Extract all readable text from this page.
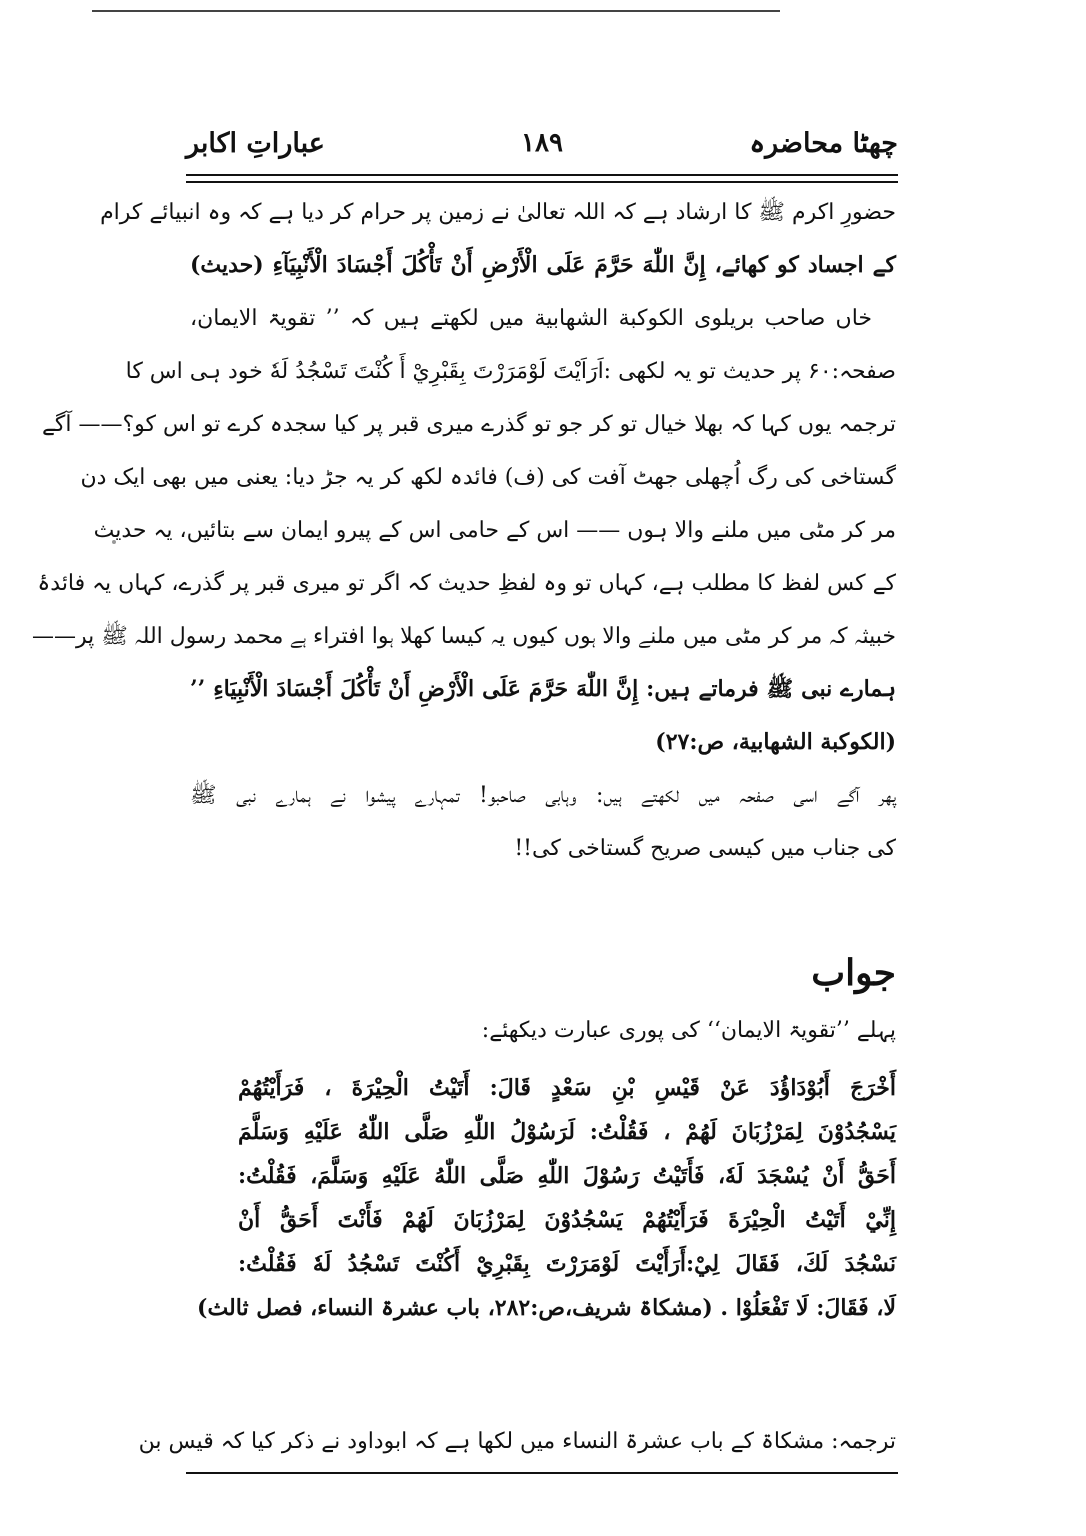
چھٹا محاضرہ
۱۸۹
عباراتِ اکابر
حضورِ اکرم ﷺ کا ارشاد ہے کہ اللہ تعالیٰ نے زمین پر حرام کر دیا ہے کہ وہ انبیائے کرام
کے اجساد کو کھائے، إِنَّ اللّٰهَ حَرَّمَ عَلَى الْأَرْضِ أَنْ تَأْكُلَ أَجْسَادَ الْأَنْبِيَآءِ (حدیث)
خاں صاحب بریلوی الكوكبة الشهابية میں لکھتے ہیں کہ ’’ تقویۃ الایمان،
صفحہ:۶۰ پر حدیث تو یہ لکھی :اَرَاَيْتَ لَوْمَرَرْتَ بِقَبْرِيْ أَ كُنْتَ تَسْجُدُ لَهٗ خود ہی اس کا
ترجمہ یوں کہا کہ بھلا خیال تو کر جو تو گذرے میری قبر پر کیا سجدہ کرے تو اس کو؟—— آگے
گستاخی کی رگ اُچھلی جھٹ آفت کی (ف) فائدہ لکھ کر یہ جڑ دیا: یعنی میں بھی ایک دن
مر کر مٹی میں ملنے والا ہوں —— اس کے حامی اس کے پیرو ایمان سے بتائیں، یہ حدیث
کے کس لفظ کا مطلب ہے، کہاں تو وہ لفظِ حدیث کہ اگر تو میری قبر پر گذرے، کہاں یہ فائدۂ
خبیثہ کہ مر کر مٹی میں ملنے والا ہوں کیوں یہ کیسا کھلا ہوا افتراء ہے محمد رسول اللہ ﷺ پر——
ہمارے نبی ﷺ فرماتے ہیں: إِنَّ اللّٰهَ حَرَّمَ عَلَى الْأَرْضِ أَنْ تَأْكُلَ أَجْسَادَ الْأَنْبِيَاءِ ’’
(الكوكبة الشهابية، ص:۲۷)
پھر آگے اسی صفحہ میں لکھتے ہیں: وہابی صاحبو! تمہارے پیشوا نے ہمارے نبی ﷺ
کی جناب میں کیسی صریح گستاخی کی!!
جواب
پہلے ’’تقویۃ الایمان‘‘ کی پوری عبارت دیکھئے:
أَخْرَجَ أَبُوْدَاؤُدَ عَنْ قَيْسِ بْنِ سَعْدٍ قَالَ: أَتَيْتُ الْحِيْرَةَ ، فَرَأَيْتُهُمْ
يَسْجُدُوْنَ لِمَرْزُبَانَ لَهُمْ ، فَقُلْتُ: لَرَسُوْلُ اللّٰهِ صَلَّى اللّٰهُ عَلَيْهِ وَسَلَّمَ
أَحَقُّ أَنْ يُسْجَدَ لَهٗ، فَأَتَيْتُ رَسُوْلَ اللّٰهِ صَلَّى اللّٰهُ عَلَيْهِ وَسَلَّمَ، فَقُلْتُ:
إِنِّيْ أَتَيْتُ الْحِيْرَةَ فَرَأَيْتُهُمْ يَسْجُدُوْنَ لِمَرْزُبَانَ لَهُمْ فَأَنْتَ أَحَقُّ أَنْ
نَسْجُدَ لَكَ، فَقَالَ لِيْ:أَرَأَيْتَ لَوْمَرَرْتَ بِقَبْرِيْ أَكُنْتَ تَسْجُدُ لَهٗ فَقُلْتُ:
لَا، فَقَالَ: لَا تَفْعَلُوْا . (مشکاۃ شریف،ص:۲۸۲، باب عشرۃ النساء، فصل ثالث)
ترجمہ: مشکاۃ کے باب عشرۃ النساء میں لکھا ہے کہ ابوداود نے ذکر کیا کہ قیس بن
